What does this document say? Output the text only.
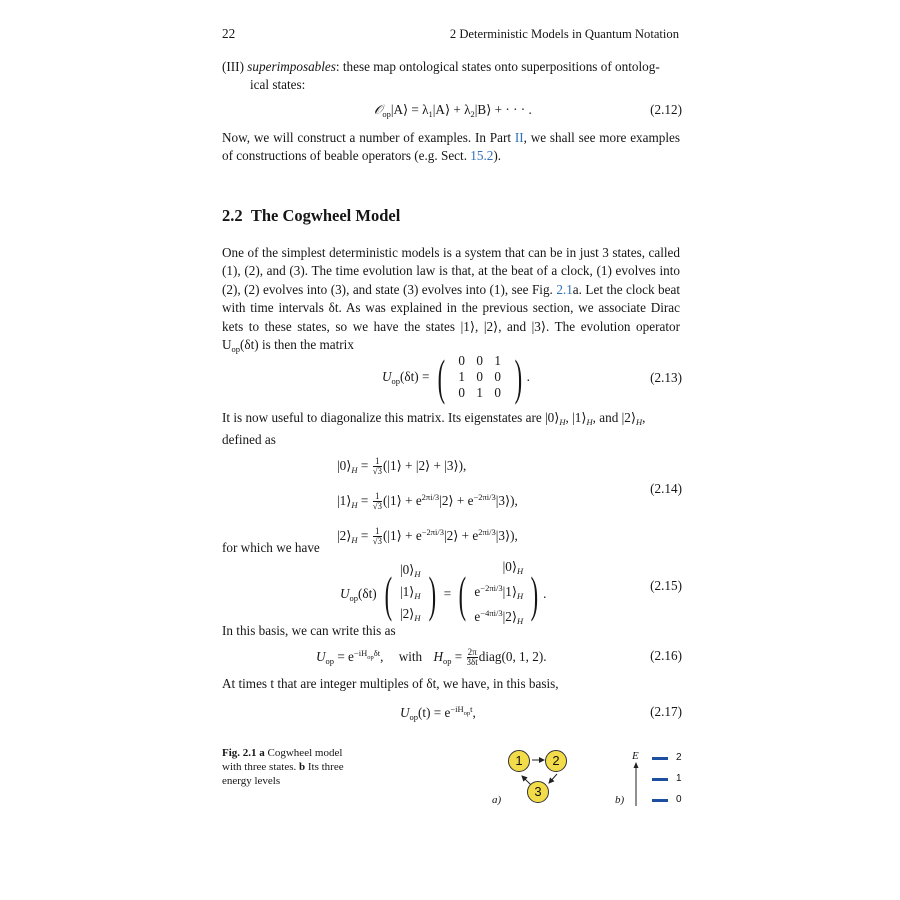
22	2 Deterministic Models in Quantum Notation
(III) superimposables: these map ontological states onto superpositions of ontolog-
ical states:
𝒪$_{op}$|A⟩ = $\lambda_1|A⟩$ + $\lambda_2|B⟩$ + · · · .	(2.12)
Now, we will construct a number of examples. In Part II, we shall see more examples of constructions of beable operators (e.g. Sect. 15.2).
2.2 The Cogwheel Model
One of the simplest deterministic models is a system that can be in just 3 states, called (1), (2), and (3). The time evolution law is that, at the beat of a clock, (1) evolves into (2), (2) evolves into (3), and state (3) evolves into (1), see Fig. 2.1a. Let the clock beat with time intervals δt. As was explained in the previous section, we associate Dirac kets to these states, so we have the states |1⟩, |2⟩, and |3⟩. The evolution operator $U_{op}(\delta t)$ is then the matrix
$U_{op}(\delta t)$ = (	0 0 1
1 0 0
0 1 0 ) .	(2.13)
It is now useful to diagonalize this matrix. Its eigenstates are $|0⟩_H$, $|1⟩_H$, and $|2⟩_H$,
defined as
$|0⟩_H = \frac{1}{√3}$ (|1⟩ + |2⟩ + |3⟩),
$|1⟩_H = \frac{1}{√3}$ (|1⟩ + $e^{2\pi i/3}|2⟩$ + $e^{-2\pi i/3}|3⟩$),
$|2⟩_H = \frac{1}{√3}$ (|1⟩ + $e^{-2\pi i/3}|2⟩$ + $e^{2\pi i/3}|3⟩$),
(2.14)
for which we have
$U_{op}(\delta t)$ ( $|0⟩_H$
$|1⟩_H$
$|2⟩_H$ ) = (	$|0⟩_H$
$e^{-2\pi i/3}|1⟩_H$
$e^{-4\pi i/3}|2⟩_H$ ) .
(2.15)
In this basis, we can write this as
$U_{op} = e^{-iH_{op}\delta t}$, with $H_{op} = \frac{2\pi}{3\delta t}$ diag(0, 1, 2).	(2.16)
At times t that are integer multiples of δt, we have, in this basis,
$U_{op}(t) = e^{-iH_{op}t}$,	(2.17)
Fig. 2.1 a Cogwheel model with three states. b Its three energy levels
1	2
3
a)
E	2
1
0
b)
